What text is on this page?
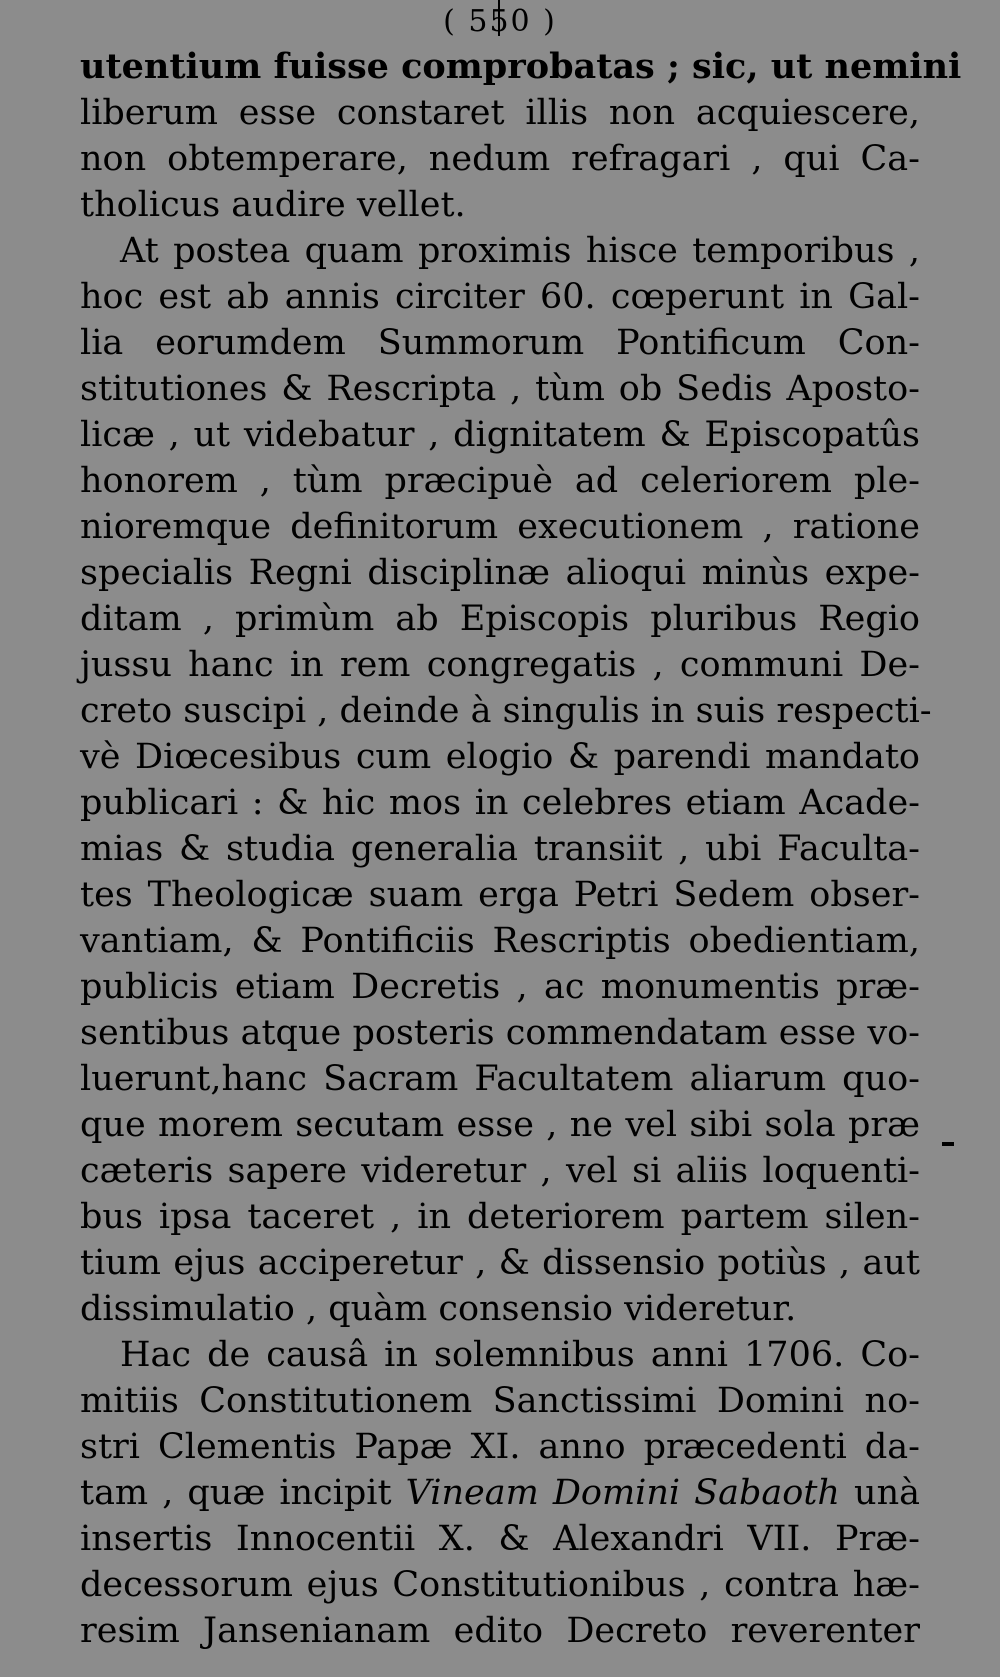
( 550 )
utentium fuisse comprobatas ; sic, ut nemini
liberum esse constaret illis non acquiescere,
non obtemperare, nedum refragari , qui Ca-
tholicus audire vellet.
At postea quam proximis hisce temporibus ,
hoc est ab annis circiter 60. cœperunt in Gal-
lia eorumdem Summorum Pontificum Con-
stitutiones & Rescripta , tùm ob Sedis Aposto-
licæ , ut videbatur , dignitatem & Episcopatûs
honorem , tùm præcipuè ad celeriorem ple-
nioremque definitorum executionem , ratione
specialis Regni disciplinæ alioqui minùs expe-
ditam , primùm ab Episcopis pluribus Regio
jussu hanc in rem congregatis , communi De-
creto suscipi , deinde à singulis in suis respecti-
vè Diœcesibus cum elogio & parendi mandato
publicari : & hic mos in celebres etiam Acade-
mias & studia generalia transiit , ubi Faculta-
tes Theologicæ suam erga Petri Sedem obser-
vantiam, & Pontificiis Rescriptis obedientiam,
publicis etiam Decretis , ac monumentis præ-
sentibus atque posteris commendatam esse vo-
luerunt,hanc Sacram Facultatem aliarum quo-
que morem secutam esse , ne vel sibi sola præ
cæteris sapere videretur , vel si aliis loquenti-
bus ipsa taceret , in deteriorem partem silen-
tium ejus acciperetur , & dissensio potiùs , aut
dissimulatio , quàm consensio videretur.
Hac de causâ in solemnibus anni 1706. Co-
mitiis Constitutionem Sanctissimi Domini no-
stri Clementis Papæ XI. anno præcedenti da-
tam , quæ incipit Vineam Domini Sabaoth unà
insertis Innocentii X. & Alexandri VII. Præ-
decessorum ejus Constitutionibus , contra hæ-
resim Jansenianam edito Decreto reverenter
